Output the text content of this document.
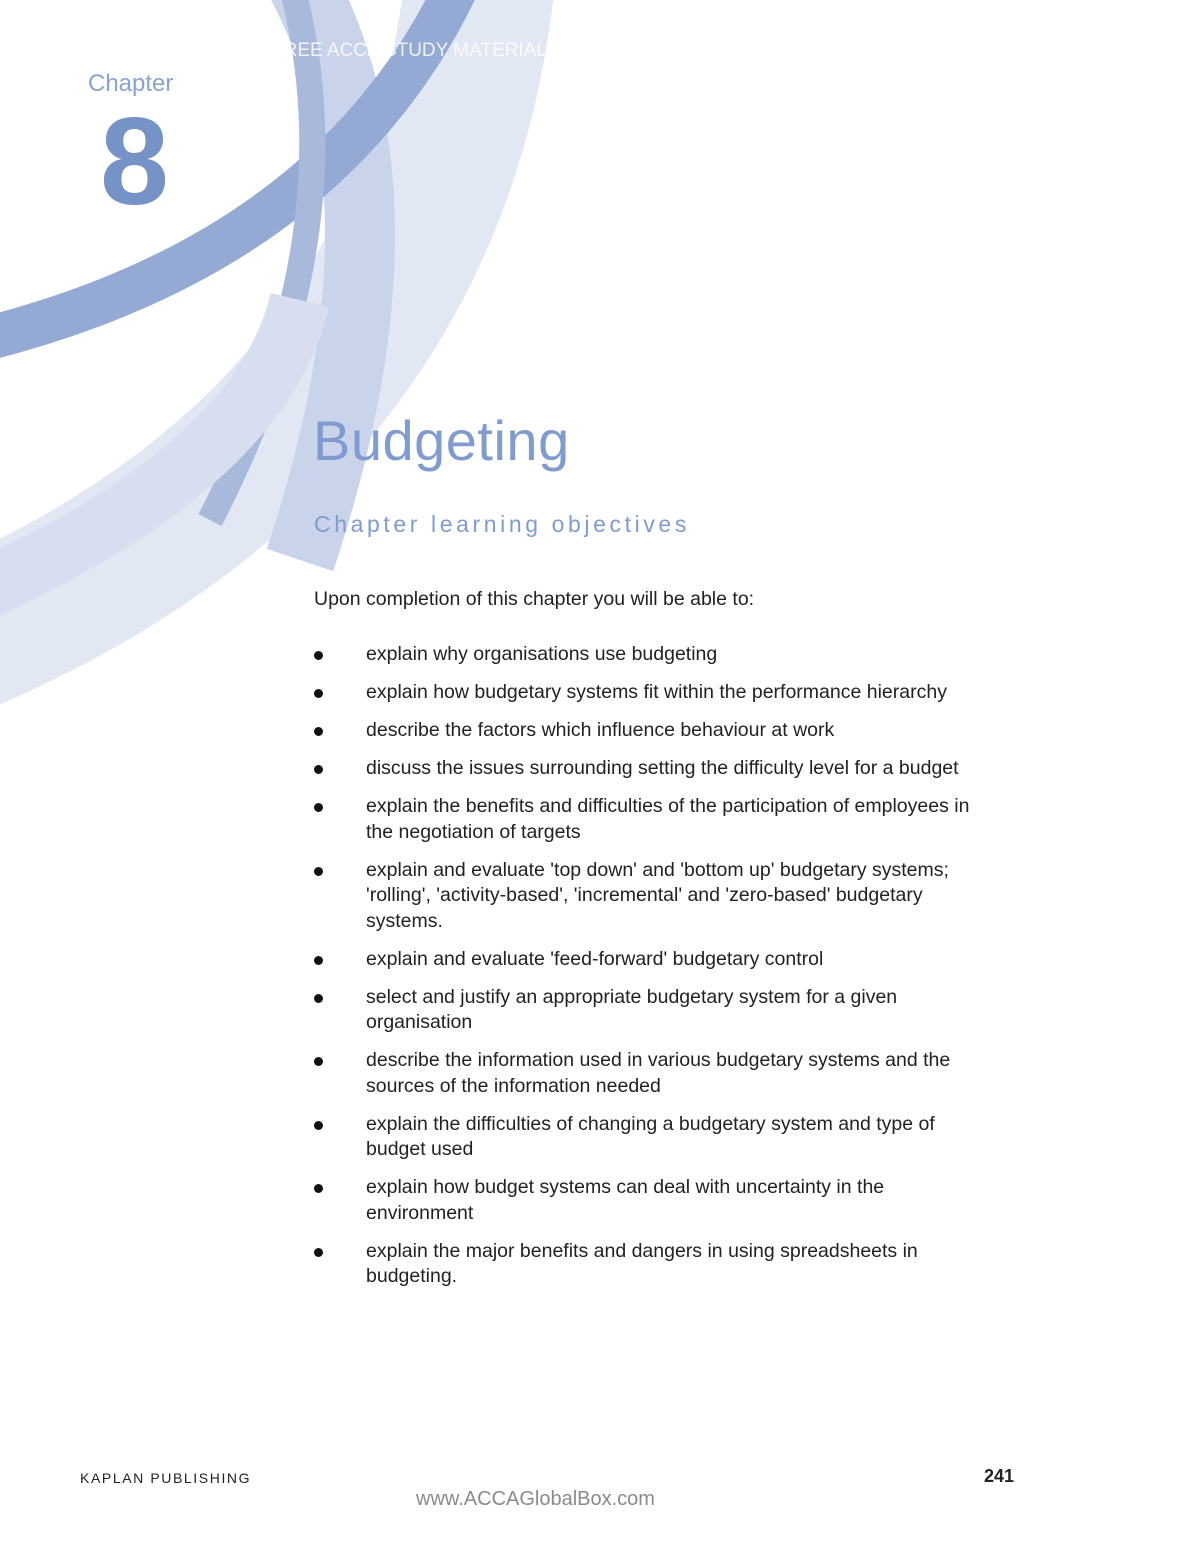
FREE ACCA STUDY MATERIAL
Chapter
8
Budgeting
Chapter learning objectives
Upon completion of this chapter you will be able to:
explain why organisations use budgeting
explain how budgetary systems fit within the performance hierarchy
describe the factors which influence behaviour at work
discuss the issues surrounding setting the difficulty level for a budget
explain the benefits and difficulties of the participation of employees in the negotiation of targets
explain and evaluate 'top down' and 'bottom up' budgetary systems; 'rolling', 'activity-based', 'incremental' and 'zero-based' budgetary systems.
explain and evaluate 'feed-forward' budgetary control
select and justify an appropriate budgetary system for a given organisation
describe the information used in various budgetary systems and the sources of the information needed
explain the difficulties of changing a budgetary system and type of budget used
explain how budget systems can deal with uncertainty in the environment
explain the major benefits and dangers in using spreadsheets in budgeting.
KAPLAN PUBLISHING	241
www.ACCAGlobalBox.com
